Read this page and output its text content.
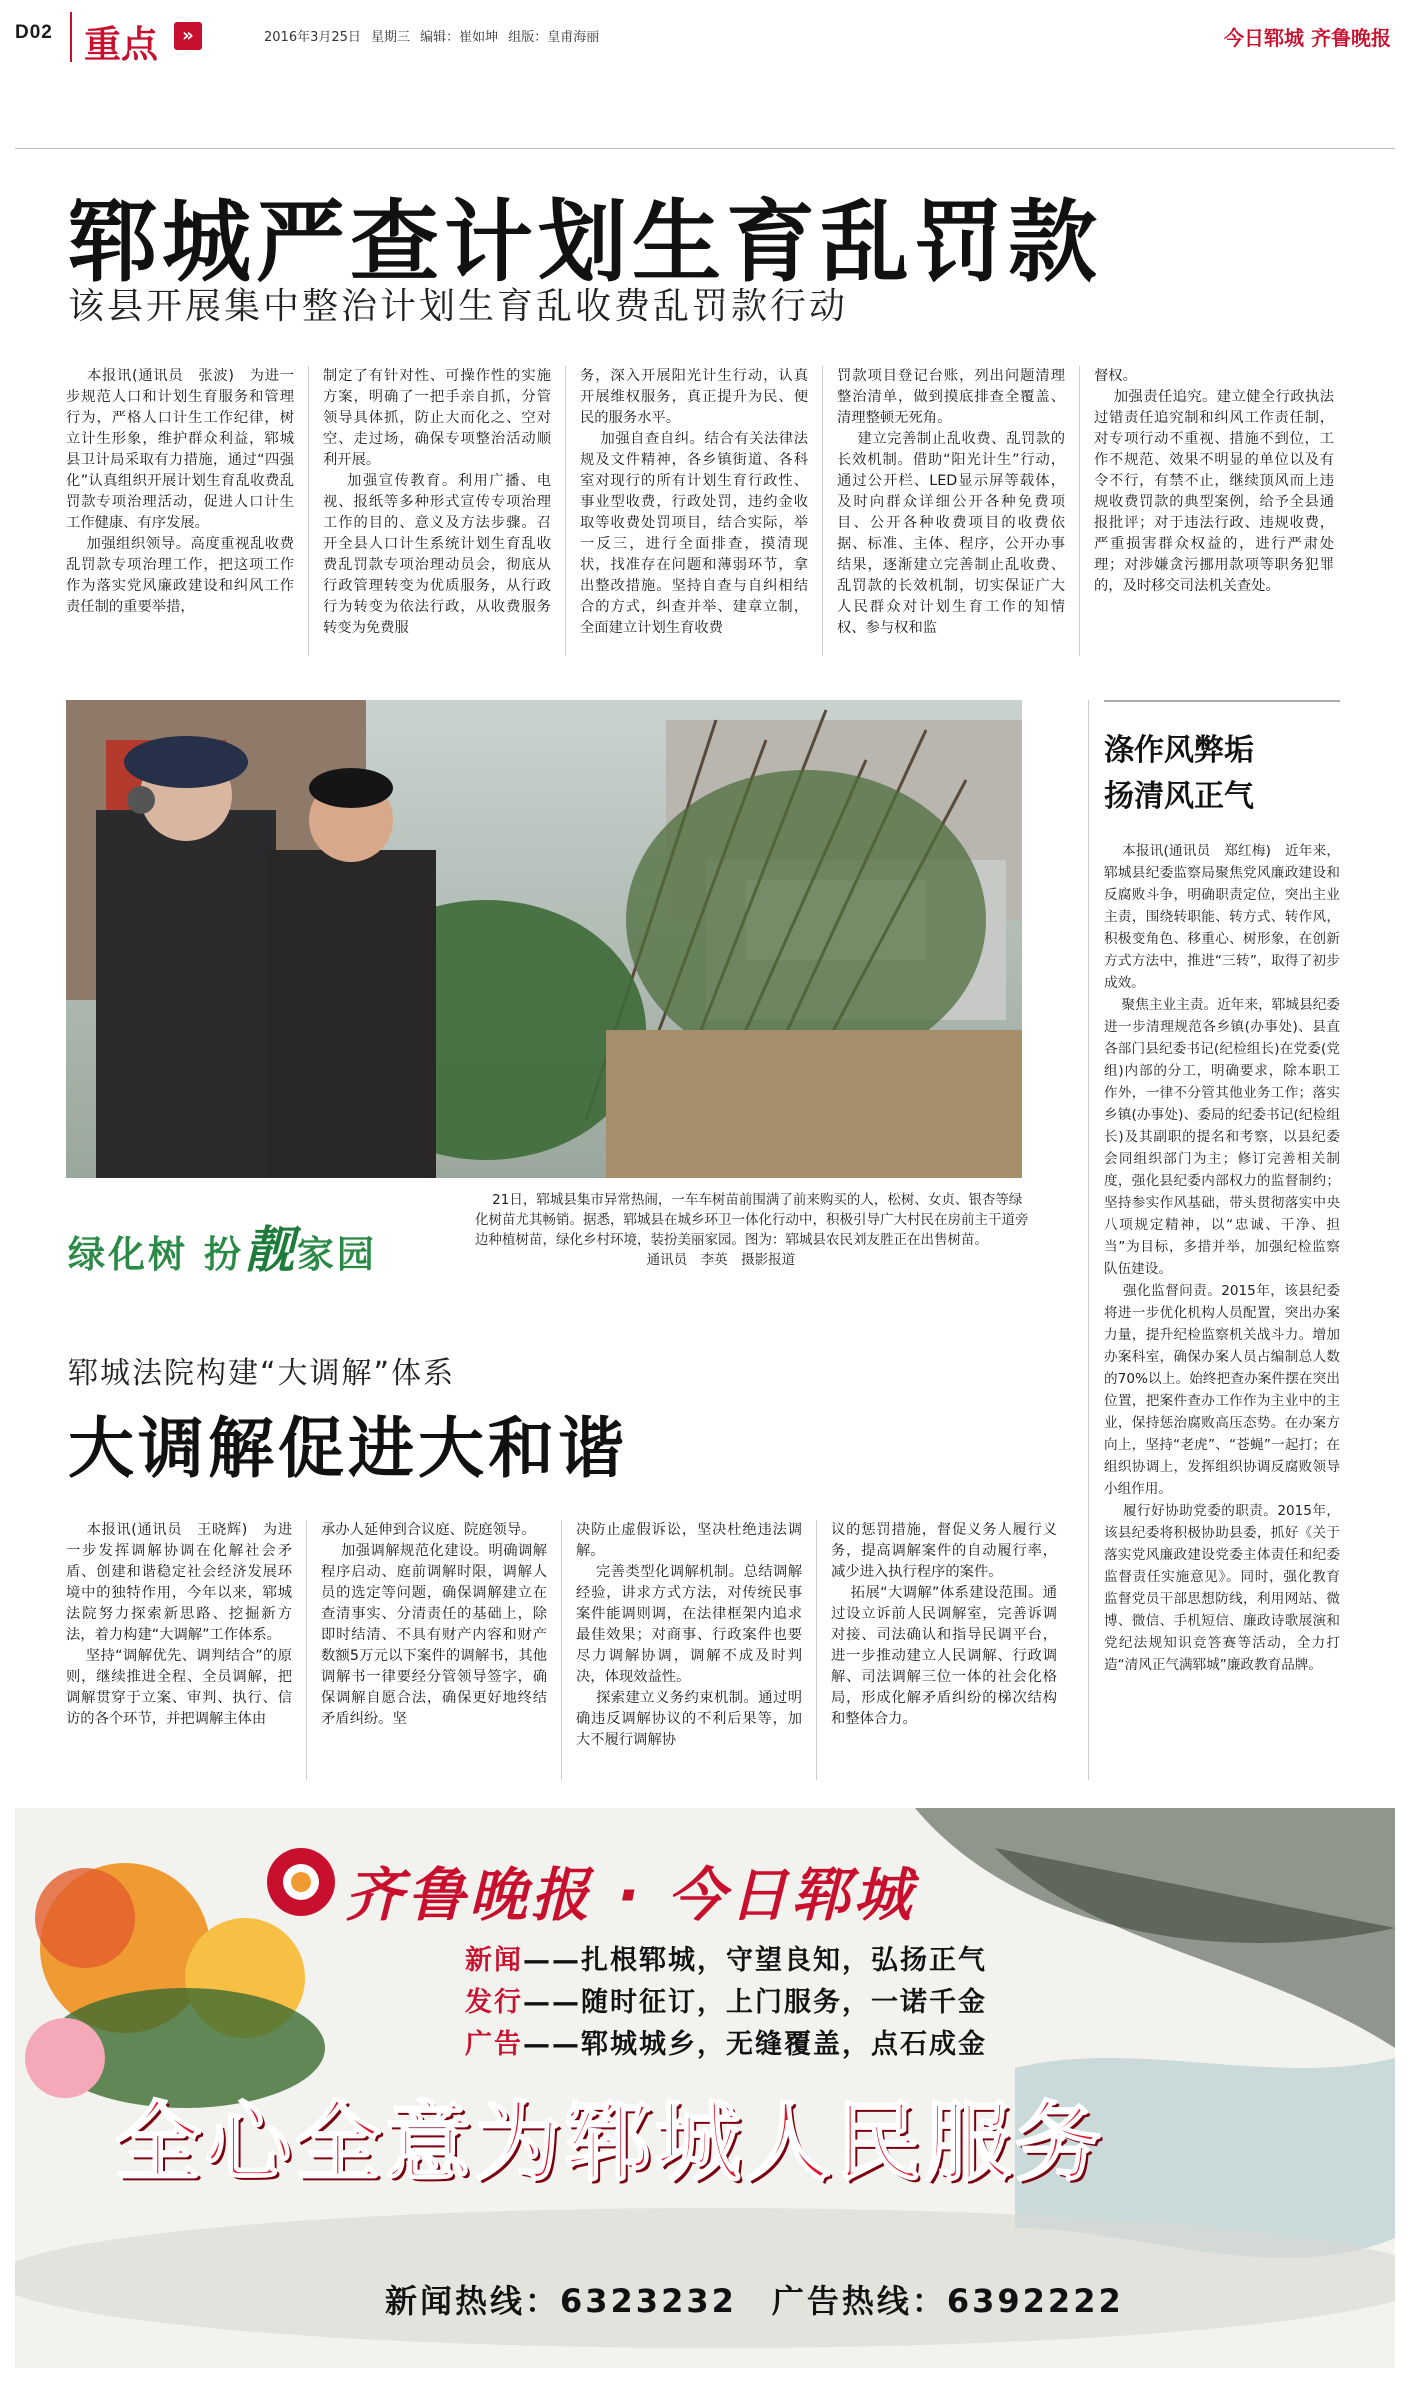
D02 重点	»	2016年3月25日 星期三 编辑：崔如坤 组版：皇甫海丽	今日郓城 齐鲁晚报
郓城严查计划生育乱罚款
该县开展集中整治计划生育乱收费乱罚款行动
本报讯(通讯员　张波)　为进一步规范人口和计划生育服务和管理行为，严格人口计生工作纪律，树立计生形象，维护群众利益，郓城县卫计局采取有力措施，通过“四强化”认真组织开展计划生育乱收费乱罚款专项治理活动，促进人口计生工作健康、有序发展。
加强组织领导。高度重视乱收费乱罚款专项治理工作，把这项工作作为落实党风廉政建设和纠风工作责任制的重要举措，
制定了有针对性、可操作性的实施方案，明确了一把手亲自抓，分管领导具体抓，防止大而化之、空对空、走过场，确保专项整治活动顺利开展。
加强宣传教育。利用广播、电视、报纸等多种形式宣传专项治理工作的目的、意义及方法步骤。召开全县人口计生系统计划生育乱收费乱罚款专项治理动员会，彻底从行政管理转变为优质服务，从行政行为转变为依法行政，从收费服务转变为免费服
务，深入开展阳光计生行动，认真开展维权服务，真正提升为民、便民的服务水平。
加强自查自纠。结合有关法律法规及文件精神，各乡镇街道、各科室对现行的所有计划生育行政性、事业型收费，行政处罚，违约金收取等收费处罚项目，结合实际，举一反三，进行全面排查，摸清现状，找准存在问题和薄弱环节，拿出整改措施。坚持自查与自纠相结合的方式，纠查并举、建章立制，全面建立计划生育收费
罚款项目登记台账，列出问题清理整治清单，做到摸底排查全覆盖、清理整顿无死角。
建立完善制止乱收费、乱罚款的长效机制。借助“阳光计生”行动，通过公开栏、LED显示屏等载体，及时向群众详细公开各种免费项目、公开各种收费项目的收费依据、标准、主体、程序，公开办事结果，逐渐建立完善制止乱收费、乱罚款的长效机制，切实保证广大人民群众对计划生育工作的知情权、参与权和监
督权。
加强责任追究。建立健全行政执法过错责任追究制和纠风工作责任制，对专项行动不重视、措施不到位，工作不规范、效果不明显的单位以及有令不行，有禁不止，继续顶风而上违规收费罚款的典型案例，给予全县通报批评；对于违法行政、违规收费，严重损害群众权益的，进行严肃处理；对涉嫌贪污挪用款项等职务犯罪的，及时移交司法机关查处。
21日，郓城县集市异常热闹，一车车树苗前围满了前来购买的人，松树、女贞、银杏等绿化树苗尤其畅销。据悉，郓城县在城乡环卫一体化行动中，积极引导广大村民在房前主干道旁边种植树苗，绿化乡村环境，装扮美丽家园。图为：郓城县农民刘友胜正在出售树苗。
通讯员　李英　摄影报道
绿化树 扮靓家园
涤作风弊垢
扬清风正气
本报讯(通讯员　郑红梅)　近年来，郓城县纪委监察局聚焦党风廉政建设和反腐败斗争，明确职责定位，突出主业主责，围绕转职能、转方式、转作风，积极变角色、移重心、树形象，在创新方式方法中，推进“三转”，取得了初步成效。
聚焦主业主责。近年来，郓城县纪委进一步清理规范各乡镇(办事处)、县直各部门县纪委书记(纪检组长)在党委(党组)内部的分工，明确要求，除本职工作外，一律不分管其他业务工作；落实乡镇(办事处)、委局的纪委书记(纪检组长)及其副职的提名和考察，以县纪委会同组织部门为主；修订完善相关制度，强化县纪委内部权力的监督制约；坚持参实作风基础，带头贯彻落实中央八项规定精神，以“忠诚、干净、担当”为目标，多措并举，加强纪检监察队伍建设。
强化监督问责。2015年，该县纪委将进一步优化机构人员配置，突出办案力量，提升纪检监察机关战斗力。增加办案科室，确保办案人员占编制总人数的70%以上。始终把查办案件摆在突出位置，把案件查办工作作为主业中的主业，保持惩治腐败高压态势。在办案方向上，坚持“老虎”、“苍蝇”一起打；在组织协调上，发挥组织协调反腐败领导小组作用。
履行好协助党委的职责。2015年，该县纪委将积极协助县委，抓好《关于落实党风廉政建设党委主体责任和纪委监督责任实施意见》。同时，强化教育监督党员干部思想防线，利用网站、微博、微信、手机短信、廉政诗歌展演和党纪法规知识竞答赛等活动，全力打造“清风正气满郓城”廉政教育品牌。
郓城法院构建“大调解”体系
大调解促进大和谐
本报讯(通讯员　王晓辉)　为进一步发挥调解协调在化解社会矛盾、创建和谐稳定社会经济发展环境中的独特作用，今年以来，郓城法院努力探索新思路、挖掘新方法，着力构建“大调解”工作体系。
坚持“调解优先、调判结合”的原则，继续推进全程、全员调解，把调解贯穿于立案、审判、执行、信访的各个环节，并把调解主体由
承办人延伸到合议庭、院庭领导。
加强调解规范化建设。明确调解程序启动、庭前调解时限，调解人员的选定等问题，确保调解建立在查清事实、分清责任的基础上，除即时结清、不具有财产内容和财产数额5万元以下案件的调解书，其他调解书一律要经分管领导签字，确保调解自愿合法，确保更好地终结矛盾纠纷。坚
决防止虚假诉讼，坚决杜绝违法调解。
完善类型化调解机制。总结调解经验，讲求方式方法，对传统民事案件能调则调，在法律框架内追求最佳效果；对商事、行政案件也要尽力调解协调，调解不成及时判决，体现效益性。
探索建立义务约束机制。通过明确违反调解协议的不利后果等，加大不履行调解协
议的惩罚措施，督促义务人履行义务，提高调解案件的自动履行率，减少进入执行程序的案件。
拓展“大调解”体系建设范围。通过设立诉前人民调解室，完善诉调对接、司法确认和指导民调平台，进一步推动建立人民调解、行政调解、司法调解三位一体的社会化格局，形成化解矛盾纠纷的梯次结构和整体合力。
齐鲁晚报 · 今日郓城
新闻——扎根郓城，守望良知，弘扬正气
发行——随时征订，上门服务，一诺千金
广告——郓城城乡，无缝覆盖，点石成金
全心全意为郓城人民服务
新闻热线：6323232　广告热线：6392222
